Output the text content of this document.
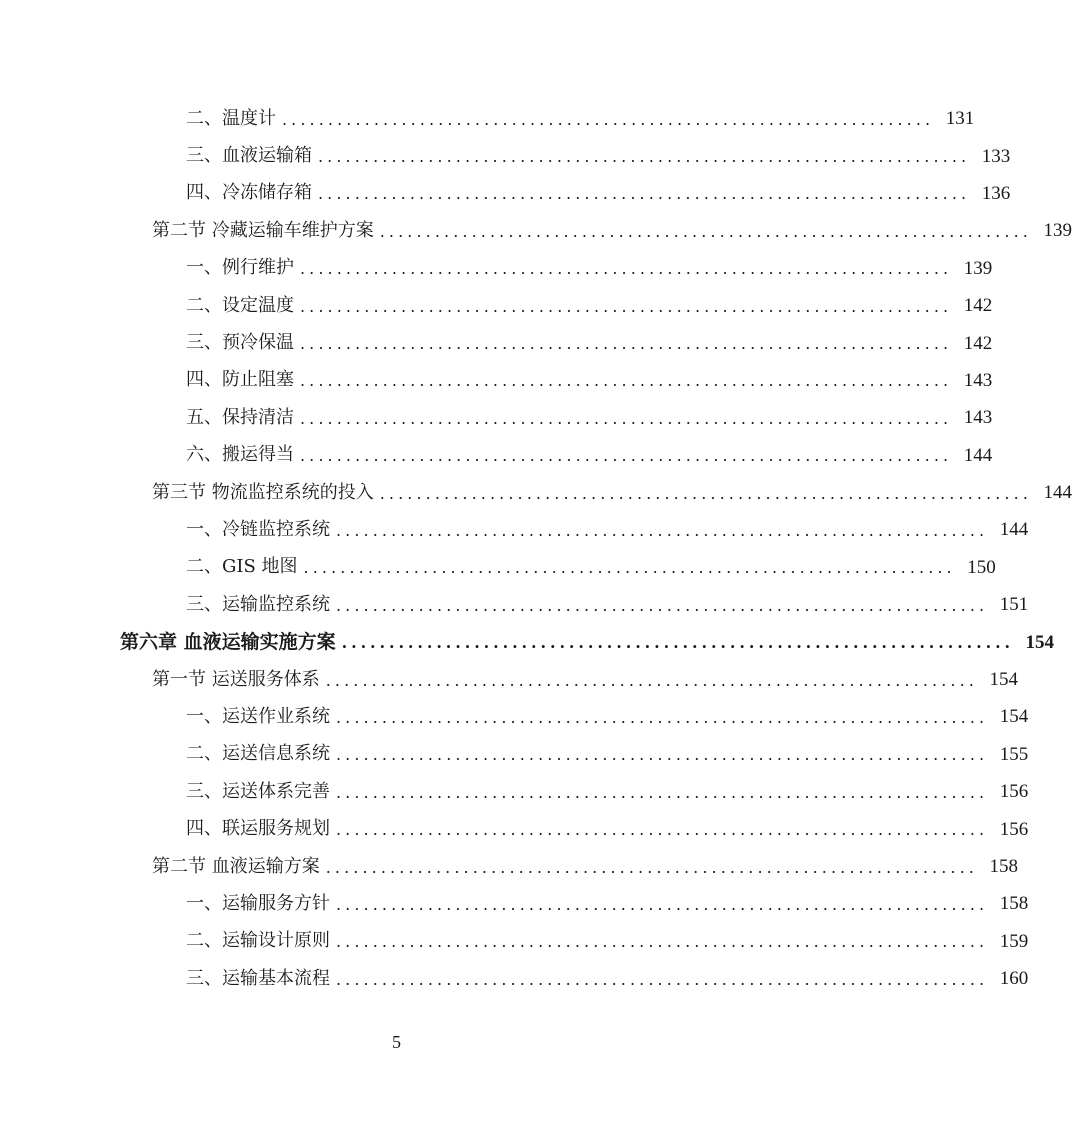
二、温度计 ....................................................................... 131
三、血液运输箱 ....................................................................... 133
四、冷冻储存箱 ....................................................................... 136
第二节 冷藏运输车维护方案 ....................................................................... 139
一、例行维护 ....................................................................... 139
二、设定温度 ....................................................................... 142
三、预冷保温 ....................................................................... 142
四、防止阻塞 ....................................................................... 143
五、保持清洁 ....................................................................... 143
六、搬运得当 ....................................................................... 144
第三节 物流监控系统的投入 ....................................................................... 144
一、冷链监控系统 ....................................................................... 144
二、GIS 地图 ....................................................................... 150
三、运输监控系统 ....................................................................... 151
第六章 血液运输实施方案 ....................................................................... 154
第一节 运送服务体系 ....................................................................... 154
一、运送作业系统 ....................................................................... 154
二、运送信息系统 ....................................................................... 155
三、运送体系完善 ....................................................................... 156
四、联运服务规划 ....................................................................... 156
第二节 血液运输方案 ....................................................................... 158
一、运输服务方针 ....................................................................... 158
二、运输设计原则 ....................................................................... 159
三、运输基本流程 ....................................................................... 160
5
